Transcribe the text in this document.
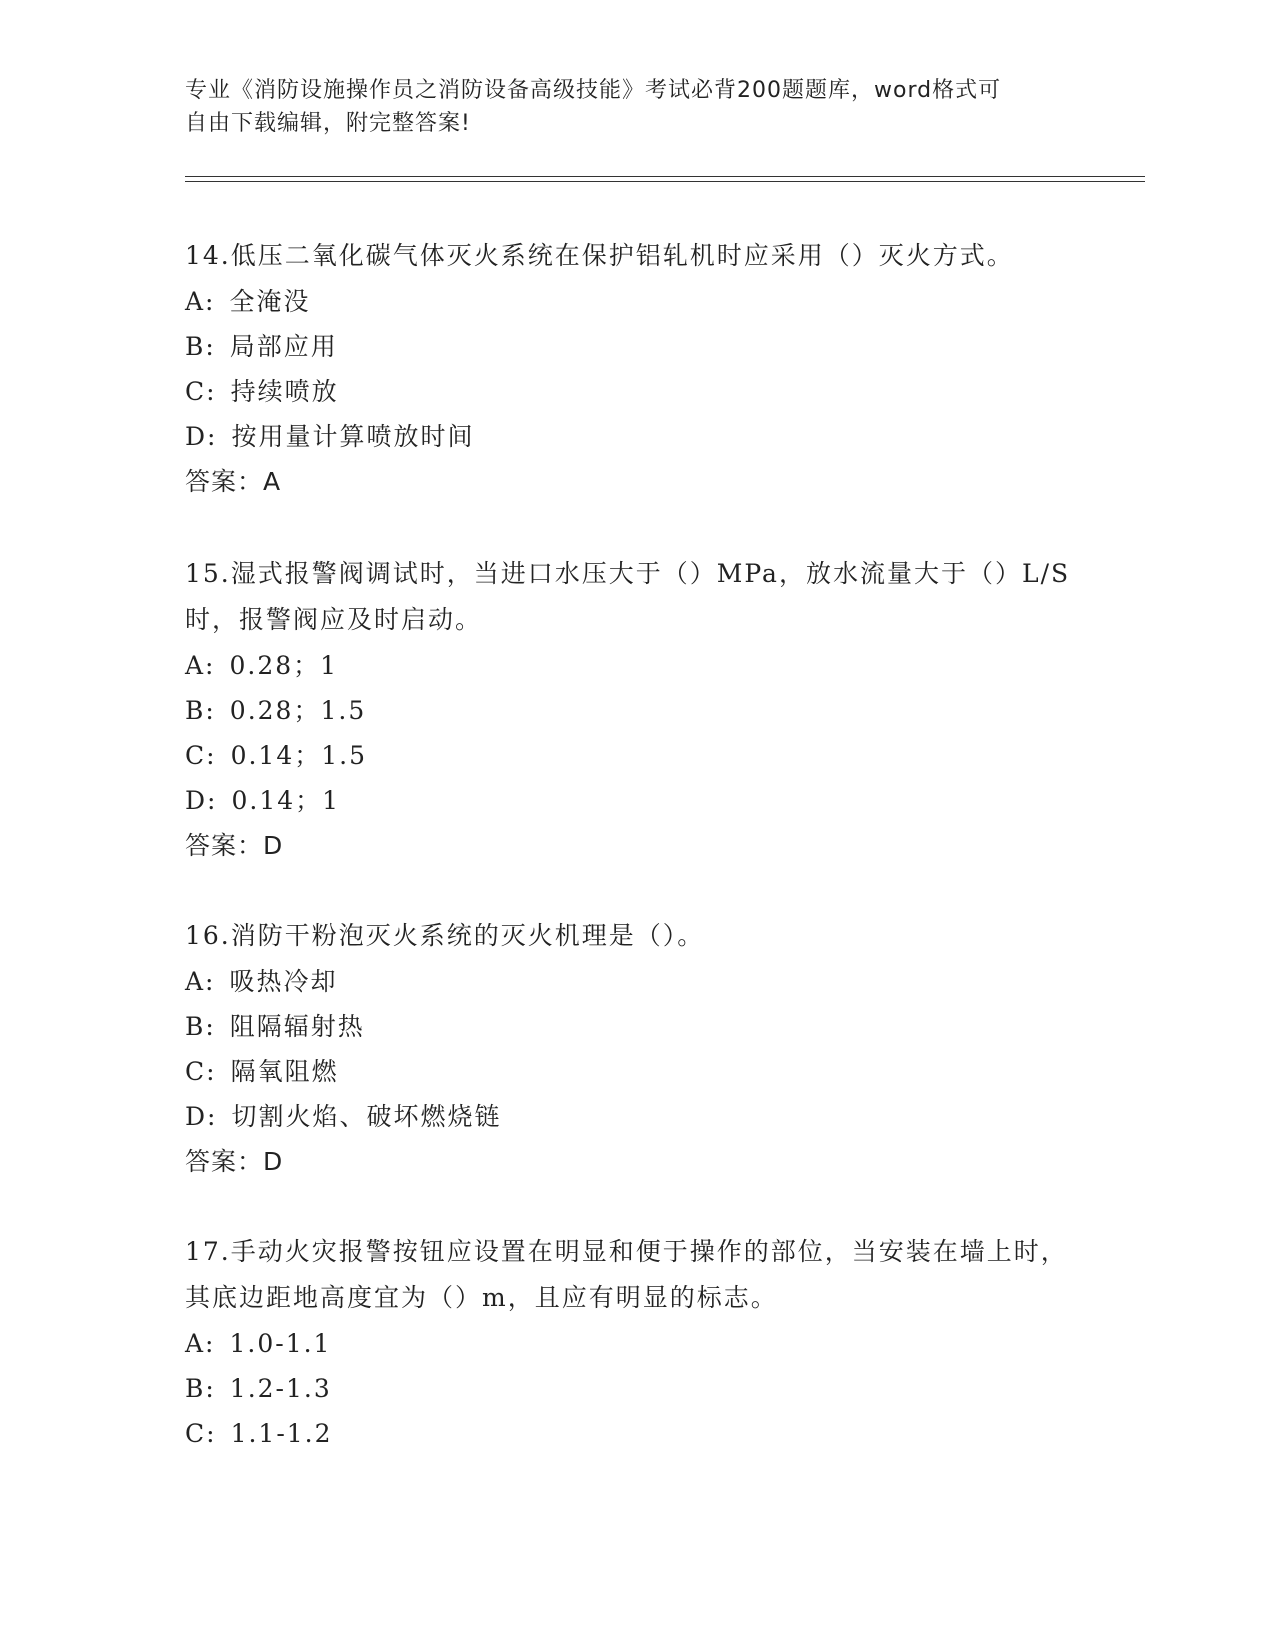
专业《消防设施操作员之消防设备高级技能》考试必背200题题库，word格式可
自由下载编辑，附完整答案!

14.低压二氧化碳气体灭火系统在保护铝轧机时应采用（）灭火方式。

A: 全淹没
B: 局部应用
C: 持续喷放
D: 按用量计算喷放时间
答案：A

15.湿式报警阀调试时，当进口水压大于（）MPa，放水流量大于（）L/S时，报警阀应及时启动。

A: 0.28；1
B: 0.28；1.5
C: 0.14；1.5
D: 0.14；1
答案：D

16.消防干粉泡灭火系统的灭火机理是（）。

A: 吸热冷却
B: 阻隔辐射热
C: 隔氧阻燃
D: 切割火焰、破坏燃烧链
答案：D

17.手动火灾报警按钮应设置在明显和便于操作的部位，当安装在墙上时，其底边距地高度宜为（）m，且应有明显的标志。

A: 1.0-1.1
B: 1.2-1.3
C: 1.1-1.2
